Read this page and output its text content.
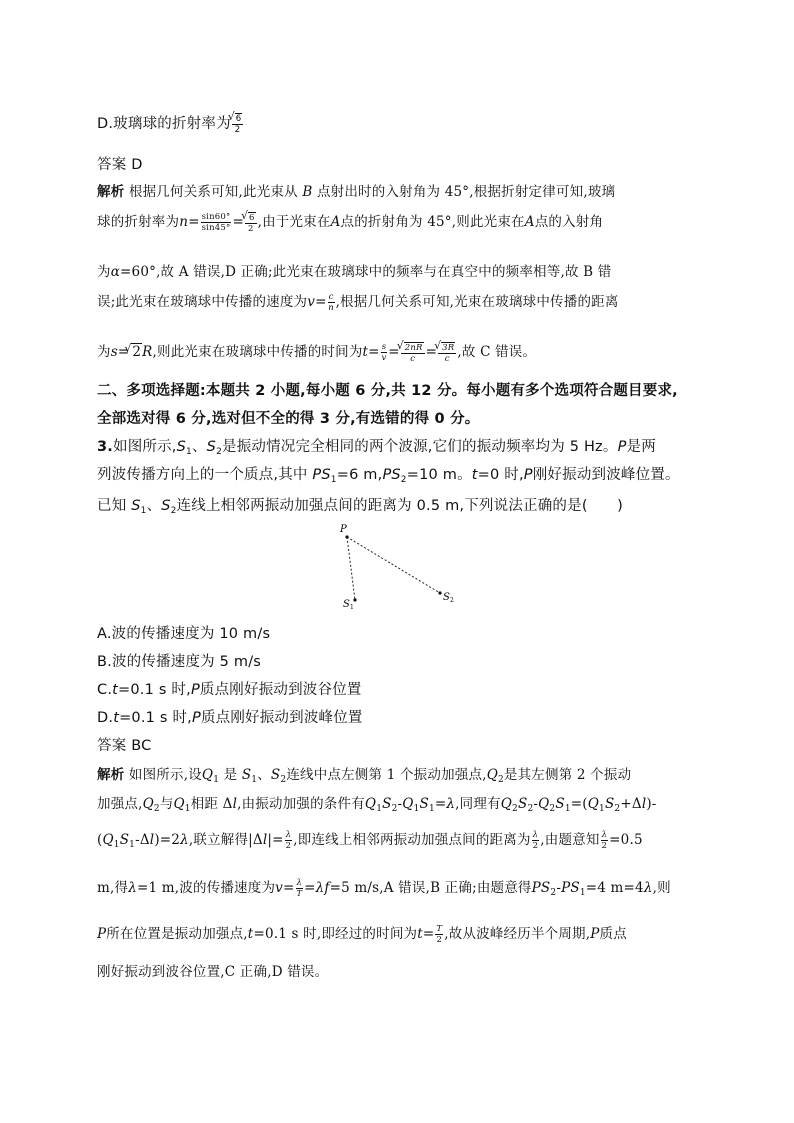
D.玻璃球的折射率为 √ $\frac{6}{2}$
答案 D
解析 根据几何关系可知,此光束从 B 点射出时的入射角为 45°,根据折射定律可知,玻璃
球的折射率为$n= \frac{\sin 60^\circ}{\sin 45^\circ}$ = √ $\frac{6}{2}$ ,由于光束在A点的折射角为 45°,则此光束在A点的入射角
为α=60°,故 A 错误,D 正确;此光束在玻璃球中的频率与在真空中的频率相等,故 B 错
误;此光束在玻璃球中传播的速度为$v= \frac{c}{n}$ ,根据几何关系可知,光束在玻璃球中传播的距离
为s= √ 2R,则此光束在玻璃球中传播的时间为$t= \frac{s}{v}$ = √ $\frac{2nR}{c}$ = √ $\frac{3R}{c}$ ,故 C 错误。
二、多项选择题:本题共 2 小题,每小题 6 分,共 12 分。每小题有多个选项符合题目要求,
全部选对得 6 分,选对但不全的得 3 分,有选错的得 0 分。
3.如图所示$,S_1$、$S_2$是振动情况完全相同的两个波源,它们的振动频率均为 5 Hz。P是两
列波传播方向上的一个质点,其中 $PS_1=6$ $m,PS_2=10$ m。t=0 时,P刚好振动到波峰位置。
已知 $S_1$、$S_2$连线上相邻两振动加强点间的距离为 0.5 m,下列说法正确的是(　　)
P
S 1
S 2
A.波的传播速度为 10 m/s
B.波的传播速度为 5 m/s
C.t=0.1 s 时,P质点刚好振动到波谷位置
D.t=0.1 s 时,P质点刚好振动到波峰位置
答案 BC
解析 如图所示,设$Q_1$ 是 $S_1$、$S_2$连线中点左侧第 1 个振动加强点$,Q_2$是其左侧第 2 个振动
加强点$,Q_2$与$Q_1$相距 Δl,由振动加强的条件有$Q_1S_2-Q_1S_1=\lambda$,同理有$Q_2S_2-Q_2S_1=(Q_1S_2+\Delta l)-$
$(Q_1S_1-\Delta l)=2\lambda$,联立解得$|\Delta l|= \frac{\lambda}{2}$ ,即连线上相邻两振动加强点间的距离为 $\frac{\lambda}{2}$ ,由题意知 $\frac{\lambda}{2} =0.5$
m,得λ=1 m,波的传播速度为$v= \frac{\lambda}{T} =\lambda f=5$ m/s,A 错误,B 正确;由题意得$PS_2-PS_1=4$ m=4λ,则
P所在位置是振动加强点,t=0.1 s 时,即经过的时间为$t= \frac{T}{2}$ ,故从波峰经历半个周期,P质点
刚好振动到波谷位置,C 正确,D 错误。
